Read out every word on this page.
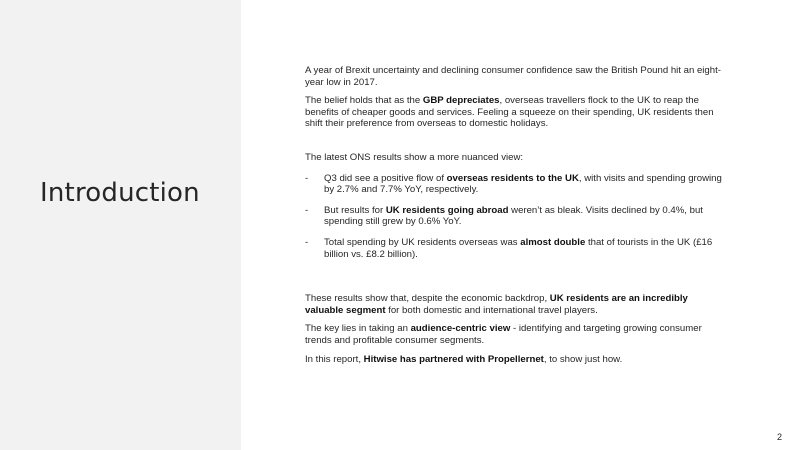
Introduction

A year of Brexit uncertainty and declining consumer confidence saw the British Pound hit an eight-year low in 2017.

The belief holds that as the GBP depreciates, overseas travellers flock to the UK to reap the benefits of cheaper goods and services. Feeling a squeeze on their spending, UK residents then shift their preference from overseas to domestic holidays.

The latest ONS results show a more nuanced view:

- Q3 did see a positive flow of overseas residents to the UK, with visits and spending growing by 2.7% and 7.7% YoY, respectively.
- But results for UK residents going abroad weren’t as bleak. Visits declined by 0.4%, but spending still grew by 0.6% YoY.
- Total spending by UK residents overseas was almost double that of tourists in the UK (£16 billion vs. £8.2 billion).

These results show that, despite the economic backdrop, UK residents are an incredibly valuable segment for both domestic and international travel players.

The key lies in taking an audience-centric view - identifying and targeting growing consumer trends and profitable consumer segments.

In this report, Hitwise has partnered with Propellernet, to show just how.

2
